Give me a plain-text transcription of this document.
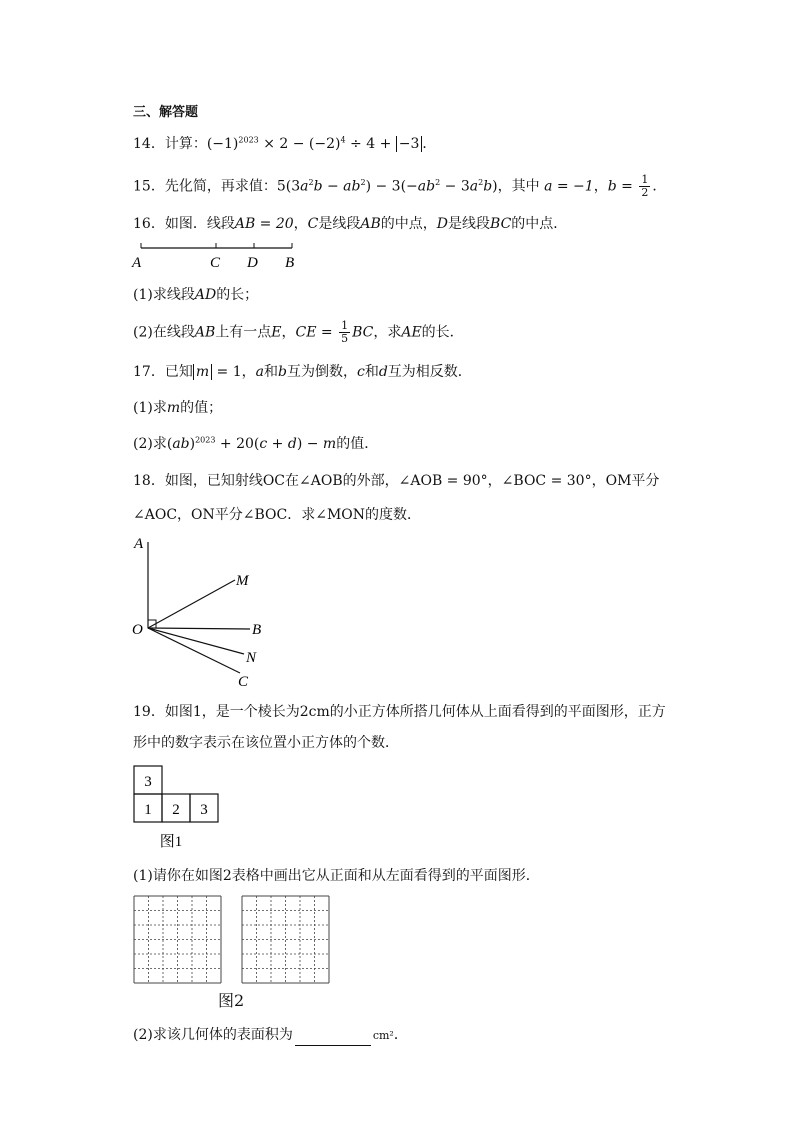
三、解答题
14．计算：$(-1)^{2023} \times 2 - (-2)^4 \div 4 + -3$ ．
15．先化简，再求值：$5(3a^2b - ab^2) - 3(-ab^2 - 3a^2b)$，其中 a = −1，$b = \frac{1}{2}$ ．
16．如图．线段AB = 20，C是线段AB的中点，D是线段BC的中点．
A	C D B
(1)求线段AD的长；
(2)在线段AB上有一点E，CE = $\frac{1}{5}$ BC，求AE的长．
17．已知 m = 1，a和b互为倒数，c和d互为相反数．
(1)求m的值；
(2)求(ab)$^{2023}$ + 20(c + d) − m的值．
18．如图，已知射线OC在∠AOB的外部，∠AOB = 90°，∠BOC = 30°，OM平分
∠AOC，ON平分∠BOC．求∠MON的度数．
A
M
O	B
N
C
19．如图1，是一个棱长为2cm的小正方体所搭几何体从上面看得到的平面图形，正方
形中的数字表示在该位置小正方体的个数．
3
1 2 3
图1
(1)请你在如图2表格中画出它从正面和从左面看得到的平面图形．
图2
(2)求该几何体的表面积为	cm²．
